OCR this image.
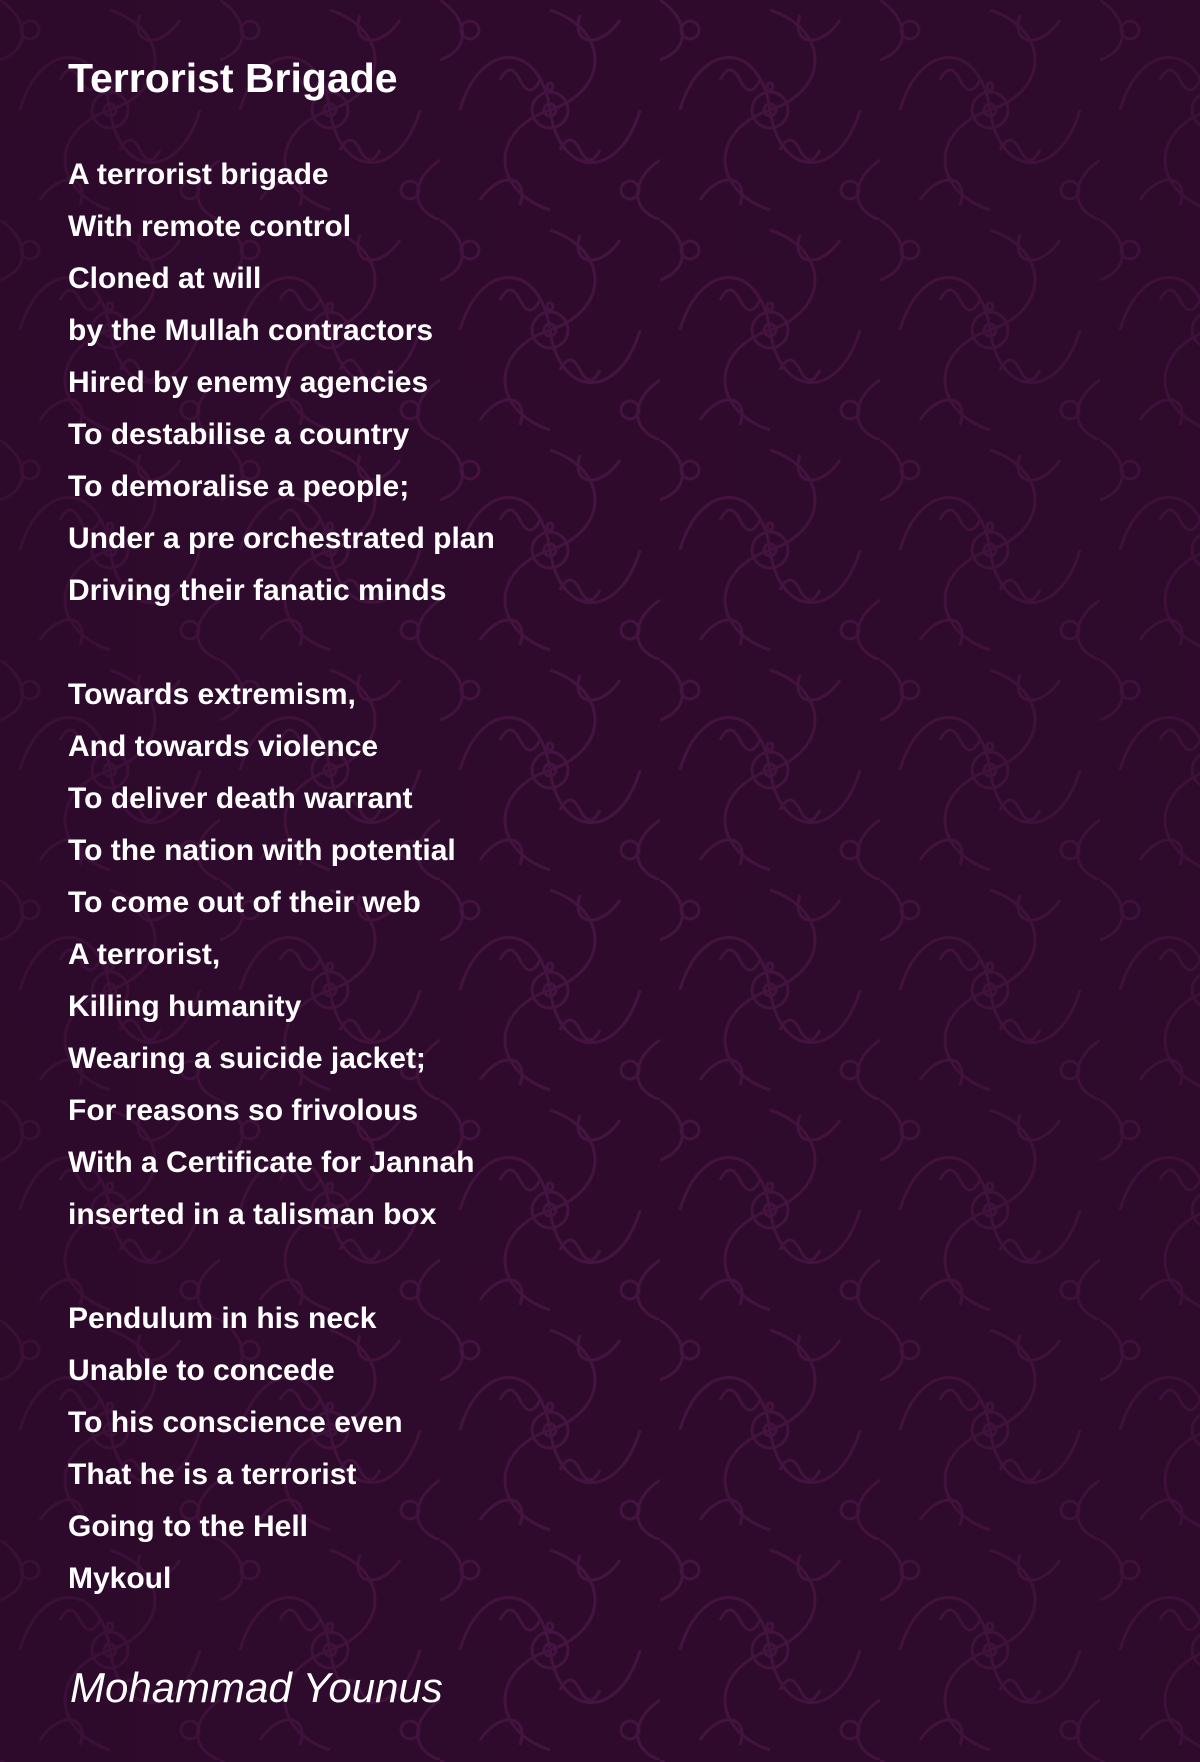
Terrorist Brigade
A terrorist brigade
With remote control
Cloned at will
by the Mullah contractors
Hired by enemy agencies
To destabilise a country
To demoralise a people;
Under a pre orchestrated plan
Driving their fanatic minds
Towards extremism,
And towards violence
To deliver death warrant
To the nation with potential
To come out of their web
A terrorist,
Killing humanity
Wearing a suicide jacket;
For reasons so frivolous
With a Certificate for Jannah
inserted in a talisman box
Pendulum in his neck
Unable to concede
To his conscience even
That he is a terrorist
Going to the Hell
Mykoul

Mohammad Younus
